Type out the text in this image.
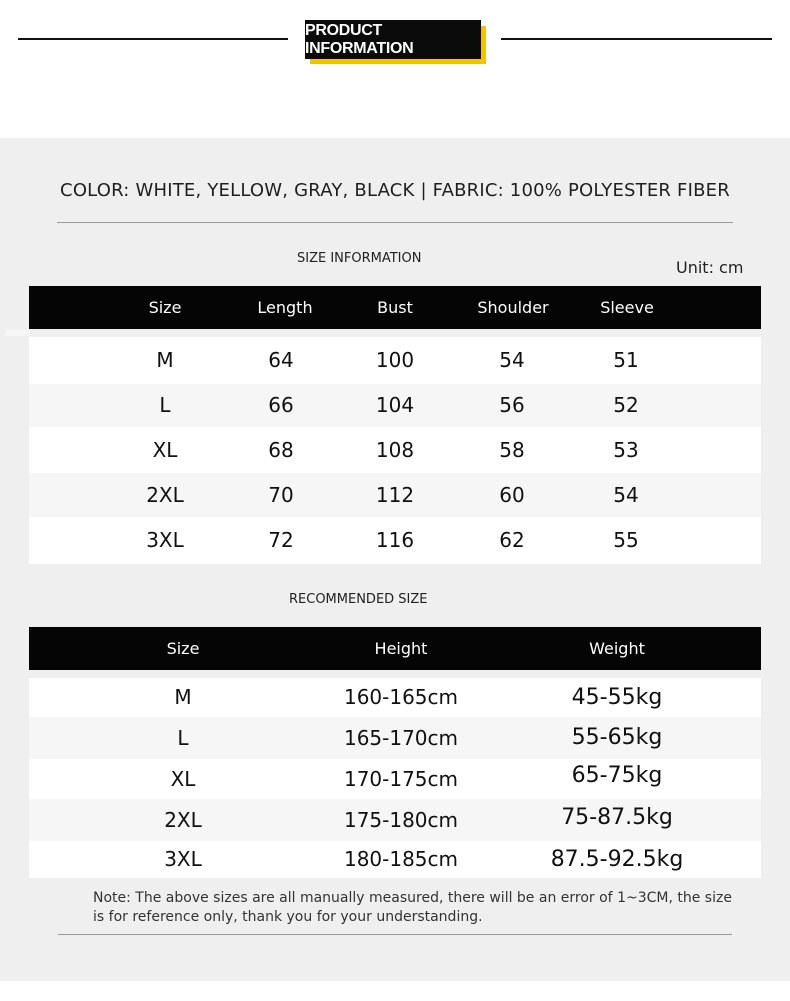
PRODUCT INFORMATION
COLOR: WHITE, YELLOW, GRAY, BLACK | FABRIC: 100% POLYESTER FIBER
SIZE INFORMATION	Unit: cm
Size	Length	Bust	Shoulder	Sleeve
M	64	100	54	51
L	66	104	56	52
XL	68	108	58	53
2XL	70	112	60	54
3XL	72	116	62	55
RECOMMENDED SIZE
Size	Height	Weight
M	160-165cm	45-55kg
L	165-170cm	55-65kg
XL	170-175cm	65-75kg
2XL	175-180cm	75-87.5kg
3XL	180-185cm	87.5-92.5kg
Note: The above sizes are all manually measured, there will be an error of 1~3CM, the size is for reference only, thank you for your understanding.
